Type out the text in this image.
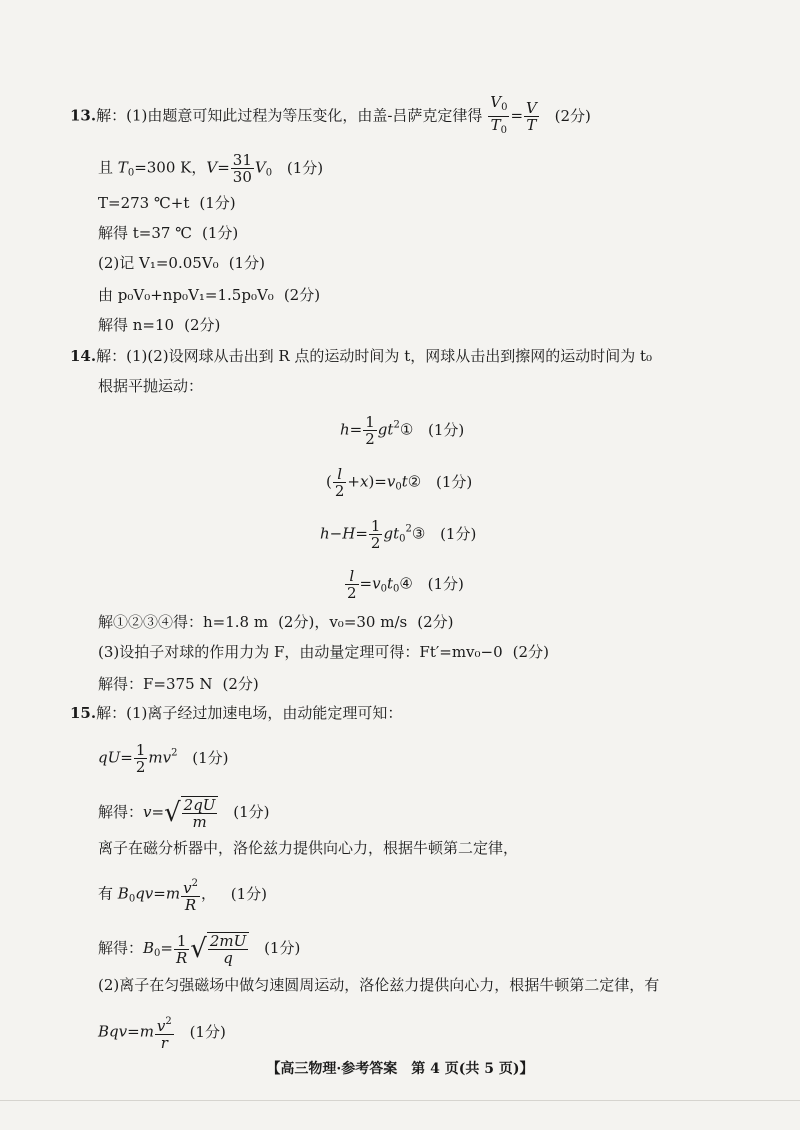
13.解：(1)由题意可知此过程为等压变化，由盖-吕萨克定律得 $\frac{V_0}{T_0} = \frac{V}{T} (2$分)
且 $T_0=300$ K，$V= \frac{31}{30} V_0$ (1分)
T=273 ℃+t (1分)
解得 t=37 ℃ (1分)
(2)记 V₁=0.05V₀ (1分)
由 p₀V₀+np₀V₁=1.5p₀V₀ (2分)
解得 n=10 (2分)
14.解：(1)(2)设网球从击出到 R 点的运动时间为 t，网球从击出到擦网的运动时间为 t₀
根据平抛运动：
$h= \frac{1}{2}$ $gt^2①$ (1分)
( $\frac{l}{2}$ $+x)=v_0t②$ (1分)
$h-H= \frac{1}{2}$ $gt_0^2③$ (1分)
$\frac{l}{2}$ $=v_0t_0④$ (1分)
解①②③④得：h=1.8 m (2分)，v₀=30 m/s (2分)
(3)设拍子对球的作用力为 F，由动量定理可得：Ft′=mv₀−0 (2分)
解得：F=375 N (2分)
15.解：(1)离子经过加速电场，由动能定理可知：
$qU= \frac{1}{2} mv^2$ (1分)
解得：$v=√ \frac{2qU}{m} (1$分)
离子在磁分析器中，洛伦兹力提供向心力，根据牛顿第二定律，
有 $B_0qv=m \frac{v^2}{R}$ ， (1分)
解得：$B_0= \frac{1}{R}$ √ $\frac{2mU}{q} (1$分)
(2)离子在匀强磁场中做匀速圆周运动，洛伦兹力提供向心力，根据牛顿第二定律，有
$Bqv=m \frac{v^2}{r} (1$分)
【高三物理·参考答案　第 4 页(共 5 页)】
